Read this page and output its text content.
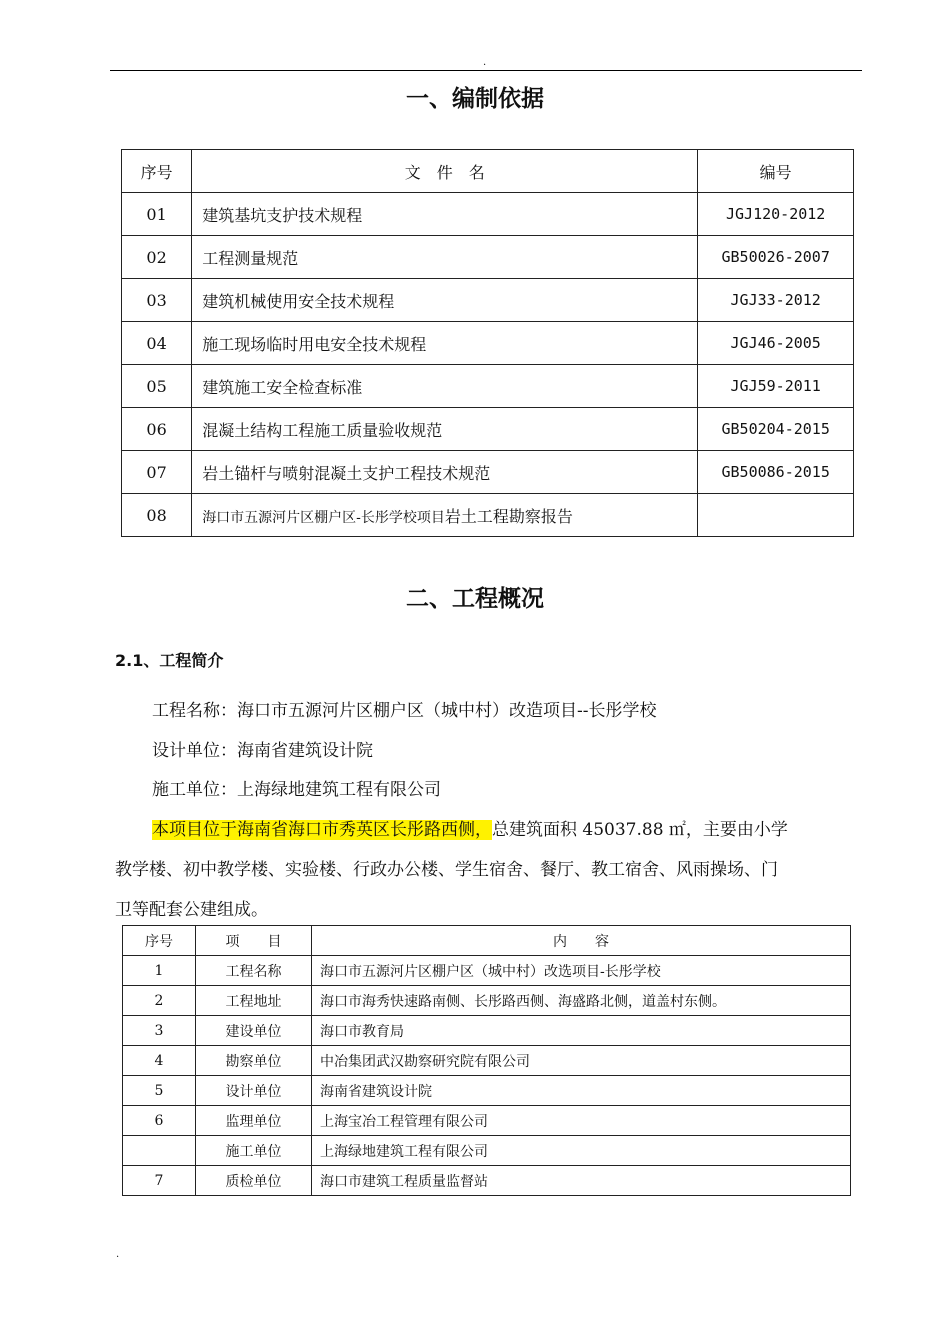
.
一、编制依据
序号	文　件　名	编号
01	建筑基坑支护技术规程	JGJ120-2012
02	工程测量规范	GB50026-2007
03	建筑机械使用安全技术规程	JGJ33-2012
04	施工现场临时用电安全技术规程	JGJ46-2005
05	建筑施工安全检查标准	JGJ59-2011
06	混凝土结构工程施工质量验收规范	GB50204-2015
07	岩土锚杆与喷射混凝土支护工程技术规范	GB50086-2015
08	海口市五源河片区棚户区-长彤学校项目岩土工程勘察报告	
二、工程概况
2.1、工程简介
工程名称：海口市五源河片区棚户区（城中村）改造项目--长彤学校
设计单位：海南省建筑设计院
施工单位：上海绿地建筑工程有限公司
本项目位于海南省海口市秀英区长彤路西侧，总建筑面积 45037.88 ㎡，主要由小学
教学楼、初中教学楼、实验楼、行政办公楼、学生宿舍、餐厅、教工宿舍、风雨操场、门
卫等配套公建组成。
序号	项　　目	内　　容
1	工程名称	海口市五源河片区棚户区（城中村）改选项目-长彤学校
2	工程地址	海口市海秀快速路南侧、长彤路西侧、海盛路北侧，道盖村东侧。
3	建设单位	海口市教育局
4	勘察单位	中冶集团武汉勘察研究院有限公司
5	设计单位	海南省建筑设计院
6	监理单位	上海宝冶工程管理有限公司
	施工单位	上海绿地建筑工程有限公司
7	质检单位	海口市建筑工程质量监督站
.
